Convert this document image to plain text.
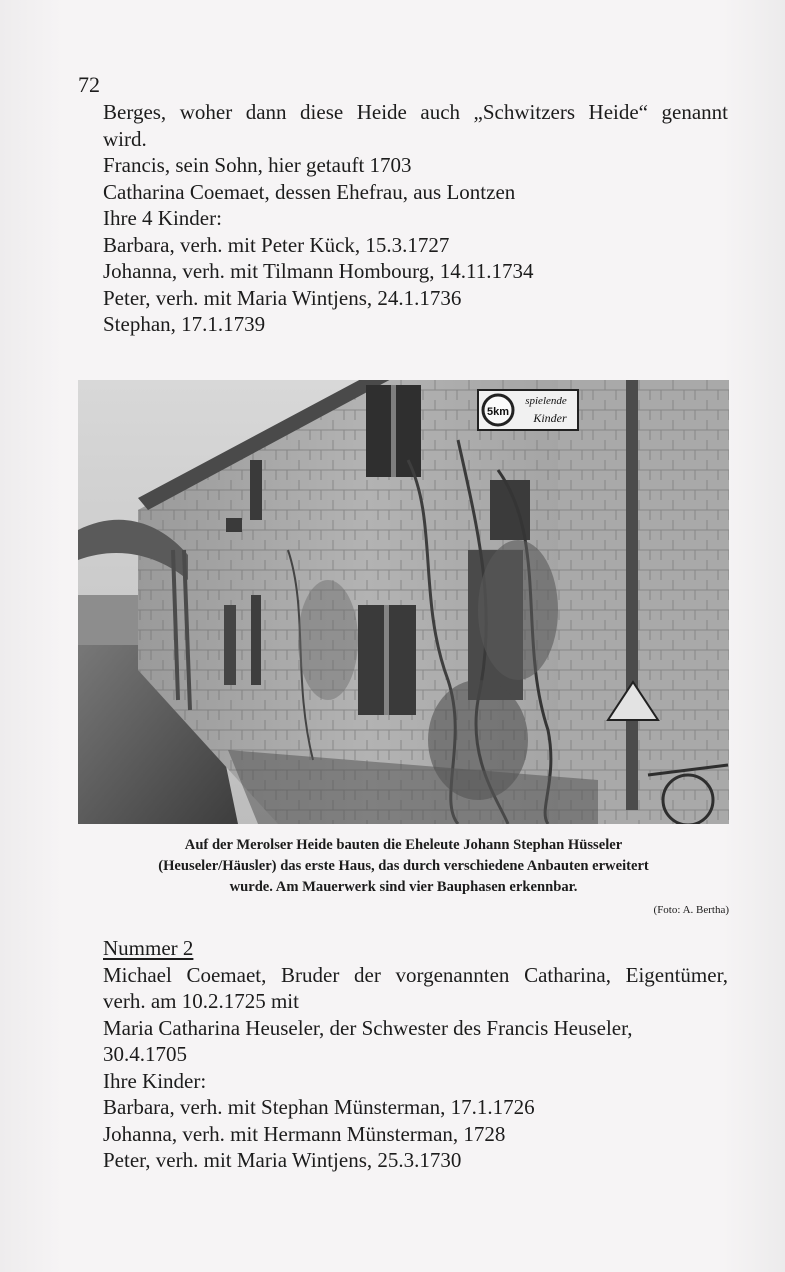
72

Berges, woher dann diese Heide auch „Schwitzers Heide“ genannt

wird.

Francis, sein Sohn, hier getauft 1703

Catharina Coemaet, dessen Ehefrau, aus Lontzen

Ihre 4 Kinder:

Barbara, verh. mit Peter Kück, 15.3.1727

Johanna, verh. mit Tilmann Hombourg, 14.11.1734

Peter, verh. mit Maria Wintjens, 24.1.1736

Stephan, 17.1.1739

5km
spielende
Kinder

Auf der Merolser Heide bauten die Eheleute Johann Stephan Hüsseler

(Heuseler/Häusler) das erste Haus, das durch verschiedene Anbauten erweitert

wurde. Am Mauerwerk sind vier Bauphasen erkennbar.

(Foto: A. Bertha)

Nummer 2

Michael Coemaet, Bruder der vorgenannten Catharina, Eigentümer,

verh. am 10.2.1725 mit

Maria Catharina Heuseler, der Schwester des Francis Heuseler,

30.4.1705

Ihre Kinder:

Barbara, verh. mit Stephan Münsterman, 17.1.1726

Johanna, verh. mit Hermann Münsterman, 1728

Peter, verh. mit Maria Wintjens, 25.3.1730
